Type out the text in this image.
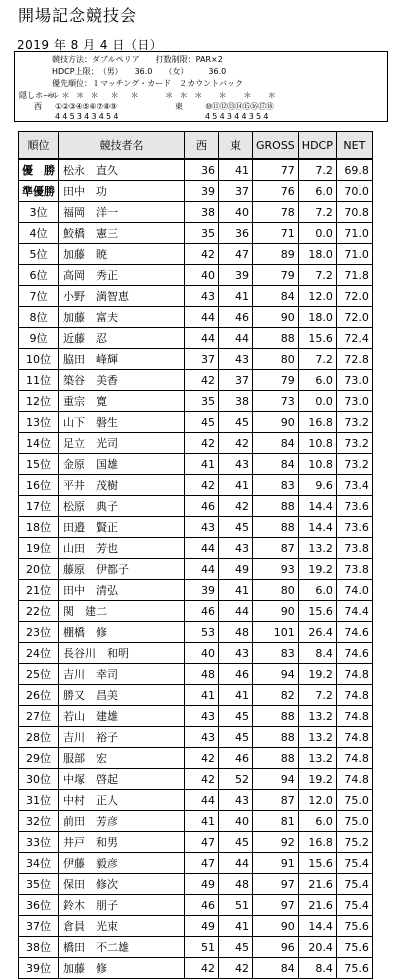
開場記念競技会
2019 年 8 月 4 日（日）
競技方法：ダブルペリア　　打数制限：PAR×2
HDCP上限：　（男）　　36.0　　（女）　　　36.0
優先順位：１マッチング・カード　２カウントバック
隠しホール
＊ ＊ ＊ ＊　＊　＊　　 ＊ ＊ ＊　 ＊　 ＊　 ＊
西 ①②③④⑤⑥⑦⑧⑨	東	⑩⑪⑫⑬⑭⑮⑯⑰⑱
445343454	454344354
順位	競技者名	西	東	GROSS	HDCP	NET
優　勝	松永　直久	36	41	77	7.2	69.8
準優勝	田中　功	39	37	76	6.0	70.0
3位	福岡　洋一	38	40	78	7.2	70.8
4位	鮫橋　憲三	35	36	71	0.0	71.0
5位	加藤　暁	42	47	89	18.0	71.0
6位	高岡　秀正	40	39	79	7.2	71.8
7位	小野　満智恵	43	41	84	12.0	72.0
8位	加藤　富夫	44	46	90	18.0	72.0
9位	近藤　忍	44	44	88	15.6	72.4
10位	脇田　峰輝	37	43	80	7.2	72.8
11位	築谷　美香	42	37	79	6.0	73.0
12位	重宗　寛	35	38	73	0.0	73.0
13位	山下　磐生	45	45	90	16.8	73.2
14位	足立　光司	42	42	84	10.8	73.2
15位	金原　国雄	41	43	84	10.8	73.2
16位	平井　茂樹	42	41	83	9.6	73.4
17位	松原　典子	46	42	88	14.4	73.6
18位	田邉　賢正	43	45	88	14.4	73.6
19位	山田　芳也	44	43	87	13.2	73.8
20位	藤原　伊都子	44	49	93	19.2	73.8
21位	田中　清弘	39	41	80	6.0	74.0
22位	関　建二	46	44	90	15.6	74.4
23位	棚橋　修	53	48	101	26.4	74.6
24位	長谷川　和明	40	43	83	8.4	74.6
25位	吉川　幸司	48	46	94	19.2	74.8
26位	勝又　昌美	41	41	82	7.2	74.8
27位	若山　建雄	43	45	88	13.2	74.8
28位	吉川　裕子	43	45	88	13.2	74.8
29位	服部　宏	42	46	88	13.2	74.8
30位	中塚　啓起	42	52	94	19.2	74.8
31位	中村　正人	44	43	87	12.0	75.0
32位	前田　芳彦	41	40	81	6.0	75.0
33位	井戸　和男	47	45	92	16.8	75.2
34位	伊藤　毅彦	47	44	91	15.6	75.4
35位	保田　修次	49	48	97	21.6	75.4
36位	鈴木　朋子	46	51	97	21.6	75.4
37位	倉員　光束	49	41	90	14.4	75.6
38位	橋田　不二雄	51	45	96	20.4	75.6
39位	加藤　修	42	42	84	8.4	75.6
